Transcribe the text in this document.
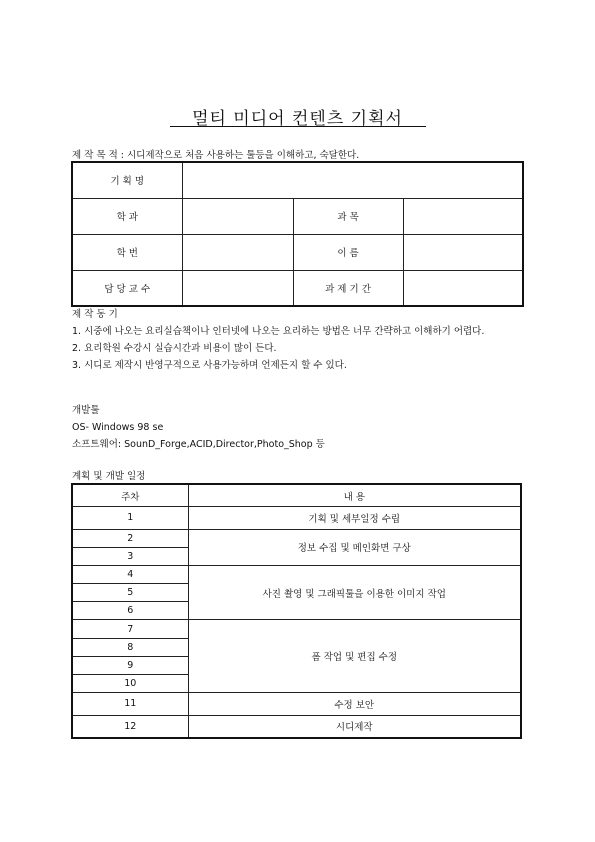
멀티 미디어 컨텐츠 기획서
제 작 목 적 : 시디제작으로 처음 사용하는 툴등을 이해하고, 숙달한다.
기 획 명			
학 과		과 목	
학 번		이 름	
담 당 교 수		과 제 기 간	
제 작 동 기
1. 시중에 나오는 요리실습책이나 인터넷에 나오는 요리하는 방법은 너무 간략하고 이해하기 어렵다.
2. 요리학원 수강시 실습시간과 비용이 많이 든다.
3. 시디로 제작시 반영구적으로 사용가능하며 언제든지 할 수 있다.
개발툴
OS- Windows 98 se
소프트웨어: SounD_Forge,ACID,Director,Photo_Shop 등
계획 및 개발 일정
주차	내 용
1	기획 및 세부일정 수립
2	정보 수집 및 메인화면 구상
3	
4	사진 촬영 및 그래픽툴을 이용한 이미지 작업
5	
6	
7	폼 작업 및 편집 수정
8	
9	
10	
11	수정 보안
12	시디제작
